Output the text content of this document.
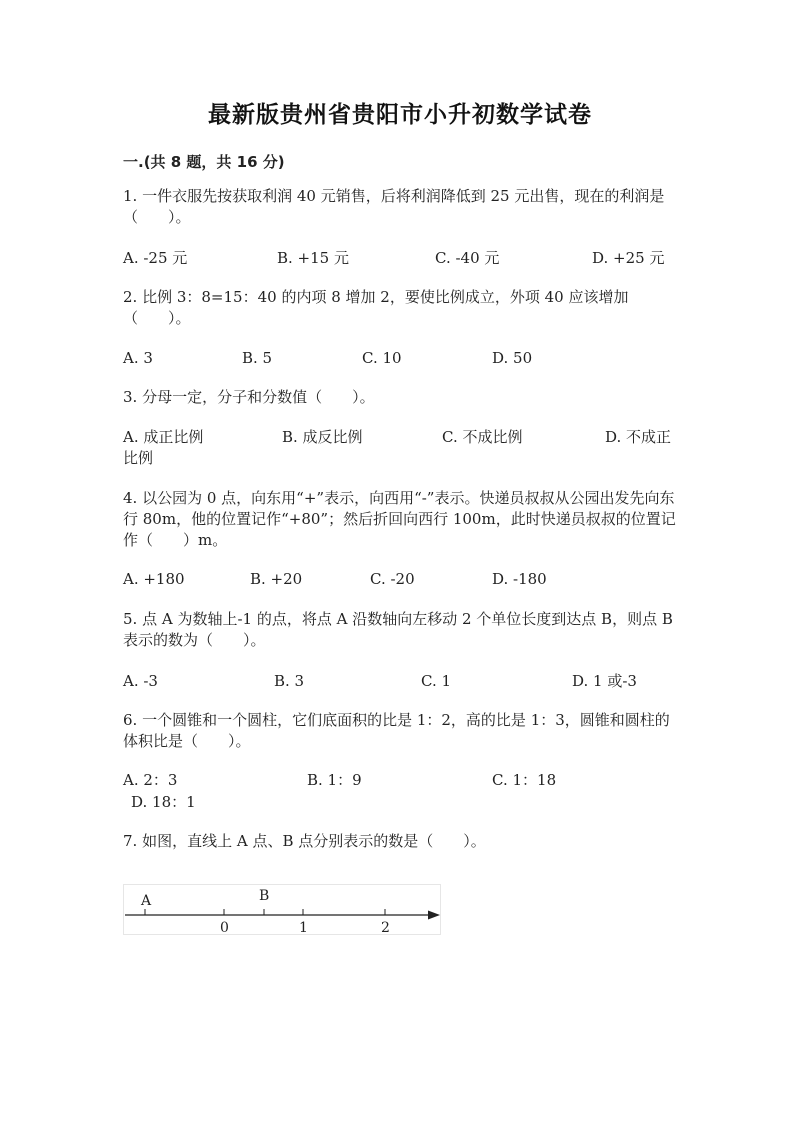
最新版贵州省贵阳市小升初数学试卷
一.(共 8 题，共 16 分)
1. 一件衣服先按获取利润 40 元销售，后将利润降低到 25 元出售，现在的利润是（　　）。
A. -25 元	B. +15 元	C. -40 元	D. +25 元
2. 比例 3：8=15：40 的内项 8 增加 2，要使比例成立，外项 40 应该增加（　　）。
A. 3	B. 5	C. 10	D. 50
3. 分母一定，分子和分数值（　　）。
A. 成正比例	B. 成反比例	C. 不成比例	D. 不成正
比例
4. 以公园为 0 点，向东用“+”表示，向西用“-”表示。快递员叔叔从公园出发先向东行 80m，他的位置记作“+80”；然后折回向西行 100m，此时快递员叔叔的位置记作（　　）m。
A. +180	B. +20	C. -20	D. -180
5. 点 A 为数轴上-1 的点，将点 A 沿数轴向左移动 2 个单位长度到达点 B，则点 B 表示的数为（　　）。
A. -3	B. 3	C. 1	D. 1 或-3
6. 一个圆锥和一个圆柱，它们底面积的比是 1：2，高的比是 1：3，圆锥和圆柱的体积比是（　　）。
A. 2：3	B. 1：9	C. 1：18
D. 18：1
7. 如图，直线上 A 点、B 点分别表示的数是（　　）。
A	B
0	1	2
